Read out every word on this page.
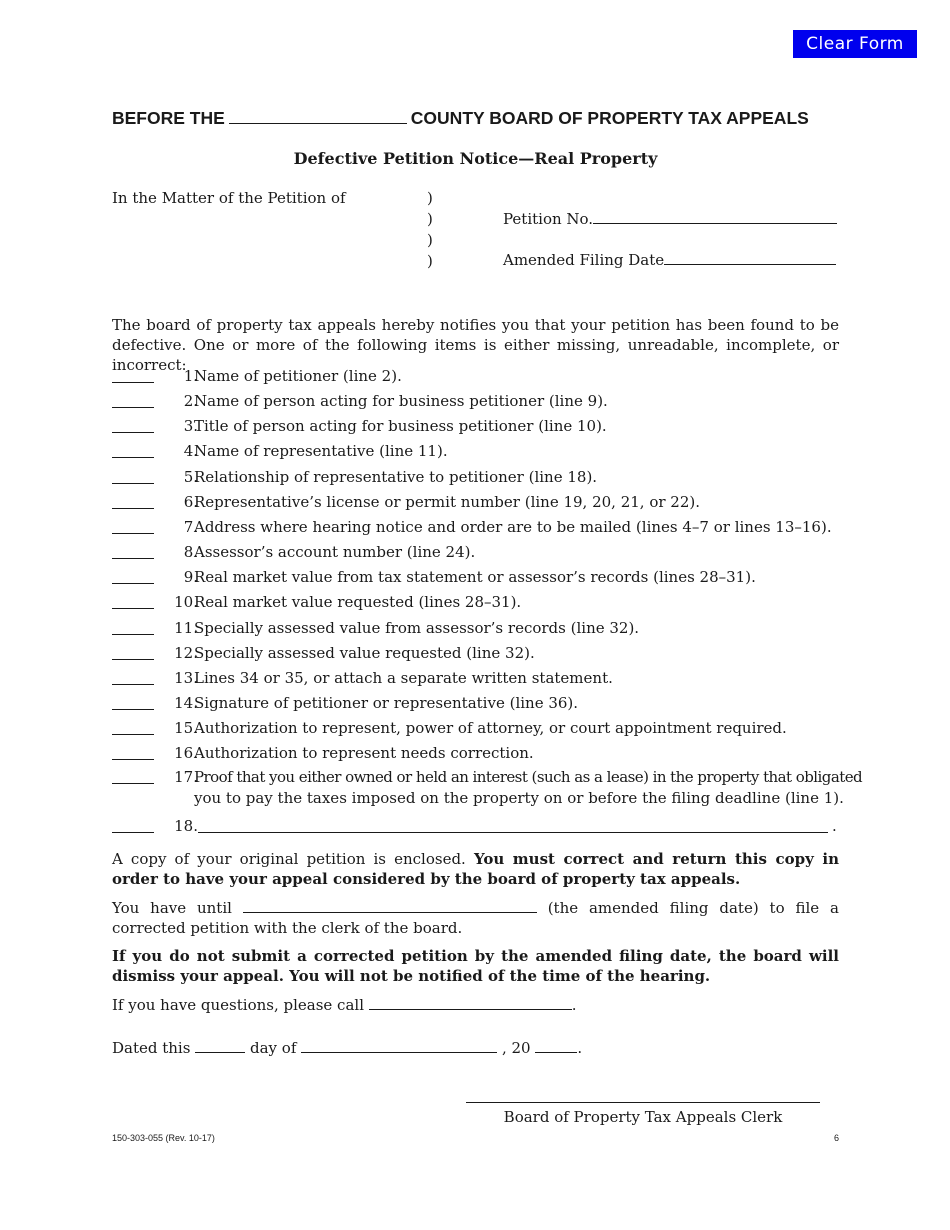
Clear Form
BEFORE THE	COUNTY BOARD OF PROPERTY TAX APPEALS
Defective Petition Notice—Real Property
In the Matter of the Petition of	)
)
)
)
Petition No.
Amended Filing Date
The board of property tax appeals hereby notifies you that your petition has been found to be defective. One or more of the following items is either missing, unreadable, incomplete, or incorrect:
1.
Name of petitioner (line 2).
2.
Name of person acting for business petitioner (line 9).
3.
Title of person acting for business petitioner (line 10).
4.
Name of representative (line 11).
5.
Relationship of representative to petitioner (line 18).
6.
Representative’s license or permit number (line 19, 20, 21, or 22).
7.
Address where hearing notice and order are to be mailed (lines 4–7 or lines 13–16).
8.
Assessor’s account number (line 24).
9.
Real market value from tax statement or assessor’s records (lines 28–31).
10.
Real market value requested (lines 28–31).
11.
Specially assessed value from assessor’s records (line 32).
12.
Specially assessed value requested (line 32).
13.
Lines 34 or 35, or attach a separate written statement.
14.
Signature of petitioner or representative (line 36).
15.
Authorization to represent, power of attorney, or court appointment required.
16.
Authorization to represent needs correction.
17.
Proof that you either owned or held an interest (such as a lease) in the property that obligated
you to pay the taxes imposed on the property on or before the filing deadline (line 1).
18.	.
A copy of your original petition is enclosed. You must correct and return this copy in order to have your appeal considered by the board of property tax appeals.
You have until	(the amended filing date) to file a corrected petition with the clerk of the board.
If you do not submit a corrected petition by the amended filing date, the board will dismiss your appeal. You will not be notified of the time of the hearing.
If you have questions, please call	.
Dated this	day of	, 20	.
Board of Property Tax Appeals Clerk
150-303-055 (Rev. 10-17)	6
